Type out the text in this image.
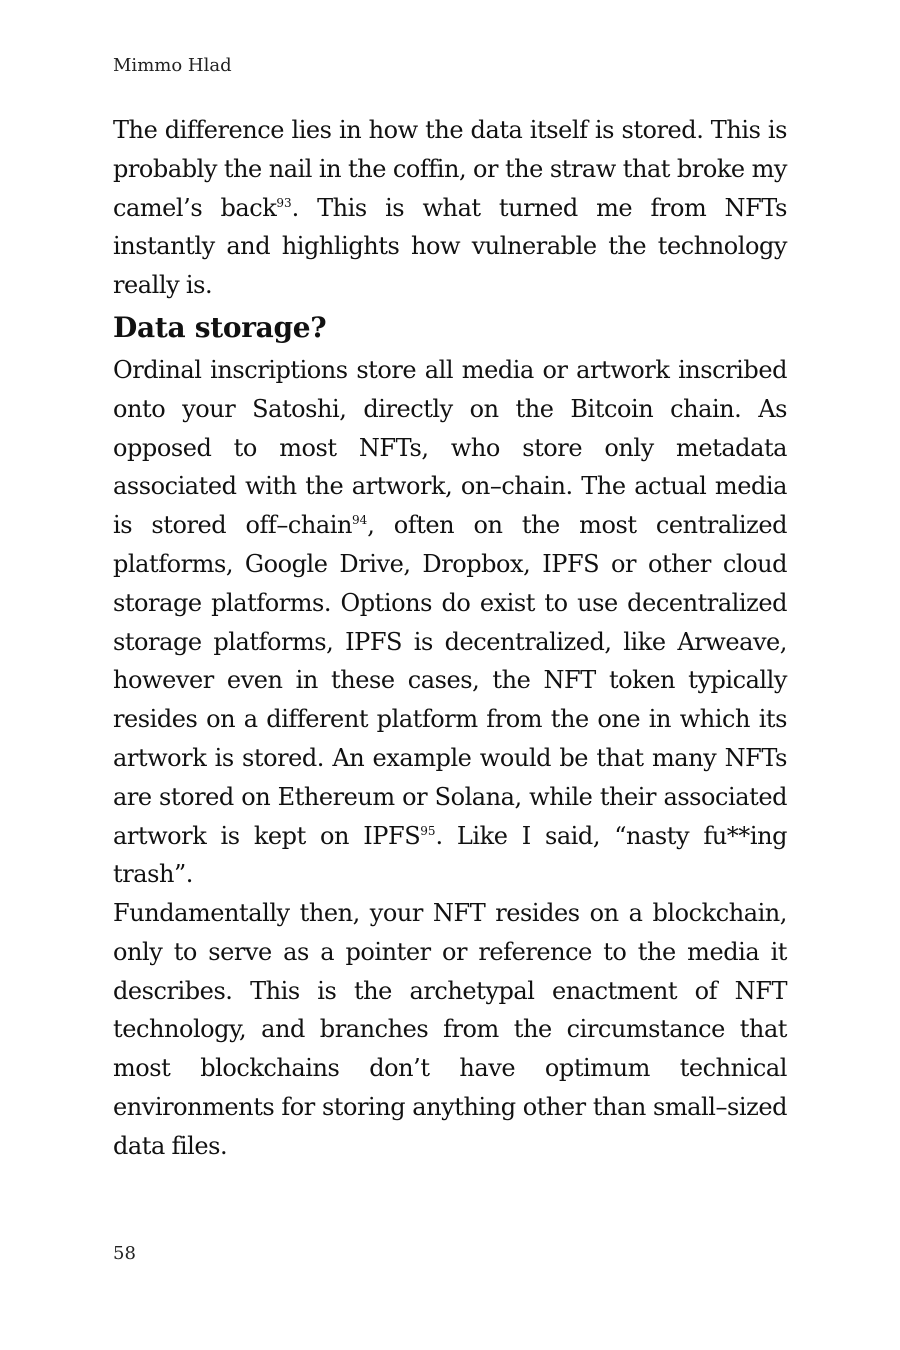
Mimmo Hlad

The difference lies in how the data itself is stored. This is probably the nail in the coffin, or the straw that broke my camel’s back$^{93}$. This is what turned me from NFTs instantly and highlights how vulnerable the technology really is.

Data storage?

Ordinal inscriptions store all media or artwork inscribed onto your Satoshi, directly on the Bitcoin chain. As opposed to most NFTs, who store only metadata associated with the artwork, on–chain. The actual media is stored off–chain$^{94}$, often on the most centralized platforms, Google Drive, Dropbox, IPFS or other cloud storage platforms. Options do exist to use decentralized storage platforms, IPFS is decentralized, like Arweave, however even in these cases, the NFT token typically resides on a different platform from the one in which its artwork is stored. An example would be that many NFTs are stored on Ethereum or Solana, while their associated artwork is kept on IPFS$^{95}$. Like I said, “nasty fu**ing trash”.

Fundamentally then, your NFT resides on a blockchain, only to serve as a pointer or reference to the media it describes. This is the archetypal enactment of NFT technology, and branches from the circumstance that most blockchains don’t have optimum technical environments for storing anything other than small–sized data files.

58
